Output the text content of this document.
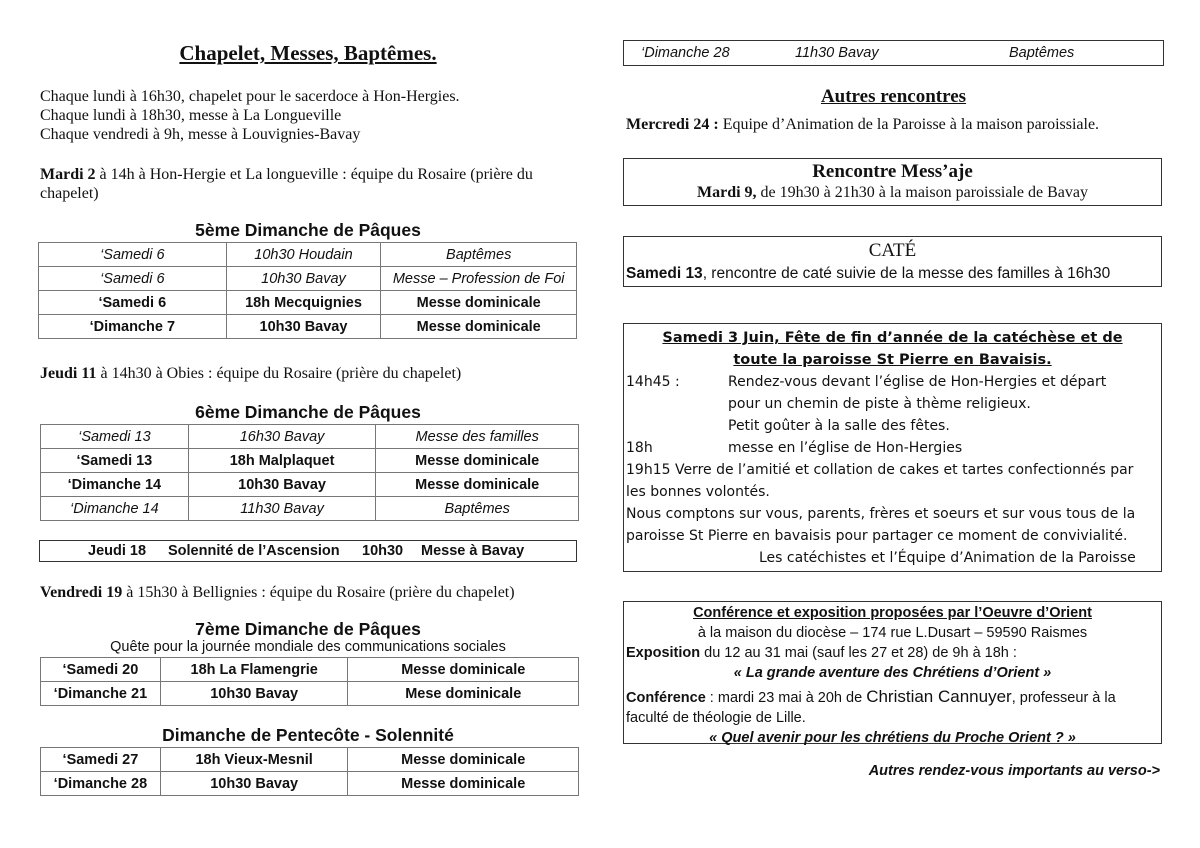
Chapelet, Messes, Baptêmes.
Chaque lundi à 16h30, chapelet pour le sacerdoce à Hon-Hergies.
Chaque lundi à 18h30, messe à La Longueville
Chaque vendredi à 9h, messe à Louvignies-Bavay
Mardi 2 à 14h à Hon-Hergie et La longueville : équipe du Rosaire (prière du chapelet)
5ème Dimanche de Pâques
‘Samedi 6	10h30 Houdain	Baptêmes
‘Samedi 6	10h30 Bavay	Messe – Profession de Foi
‘Samedi 6	18h Mecquignies	Messe dominicale
‘Dimanche 7	10h30 Bavay	Messe dominicale
Jeudi 11 à 14h30 à Obies : équipe du Rosaire (prière du chapelet)
6ème Dimanche de Pâques
‘Samedi 13	16h30 Bavay	Messe des familles
‘Samedi 13	18h Malplaquet	Messe dominicale
‘Dimanche 14	10h30 Bavay	Messe dominicale
‘Dimanche 14	11h30 Bavay	Baptêmes
Jeudi 18 Solennité de l’Ascension 10h30 Messe à Bavay
Vendredi 19 à 15h30 à Bellignies : équipe du Rosaire (prière du chapelet)
7ème Dimanche de Pâques
Quête pour la journée mondiale des communications sociales
‘Samedi 20	18h La Flamengrie	Messe dominicale
‘Dimanche 21	10h30 Bavay	Mese dominicale
Dimanche de Pentecôte - Solennité
‘Samedi 27	18h Vieux-Mesnil	Messe dominicale
‘Dimanche 28	10h30 Bavay	Messe dominicale
‘Dimanche 28	11h30 Bavay	Baptêmes
Autres rencontres
Mercredi 24 : Equipe d’Animation de la Paroisse à la maison paroissiale.
Rencontre Mess’aje
Mardi 9, de 19h30 à 21h30 à la maison paroissiale de Bavay
CATÉ
Samedi 13, rencontre de caté suivie de la messe des familles à 16h30
Samedi 3 Juin, Fête de fin d’année de la catéchèse et de
toute la paroisse St Pierre en Bavaisis.
14h45 :	Rendez-vous devant l’église de Hon-Hergies et départ
pour un chemin de piste à thème religieux.
Petit goûter à la salle des fêtes.
18h	messe en l’église de Hon-Hergies
19h15 Verre de l’amitié et collation de cakes et tartes confectionnés par
les bonnes volontés.
Nous comptons sur vous, parents, frères et soeurs et sur vous tous de la
paroisse St Pierre en bavaisis pour partager ce moment de convivialité.
Les catéchistes et l’Équipe d’Animation de la Paroisse
Conférence et exposition proposées par l’Oeuvre d’Orient
à la maison du diocèse – 174 rue L.Dusart – 59590 Raismes
Exposition du 12 au 31 mai (sauf les 27 et 28) de 9h à 18h :
« La grande aventure des Chrétiens d’Orient »
Conférence : mardi 23 mai à 20h de Christian Cannuyer, professeur à la
faculté de théologie de Lille.
« Quel avenir pour les chrétiens du Proche Orient ? »
Autres rendez-vous importants au verso->
